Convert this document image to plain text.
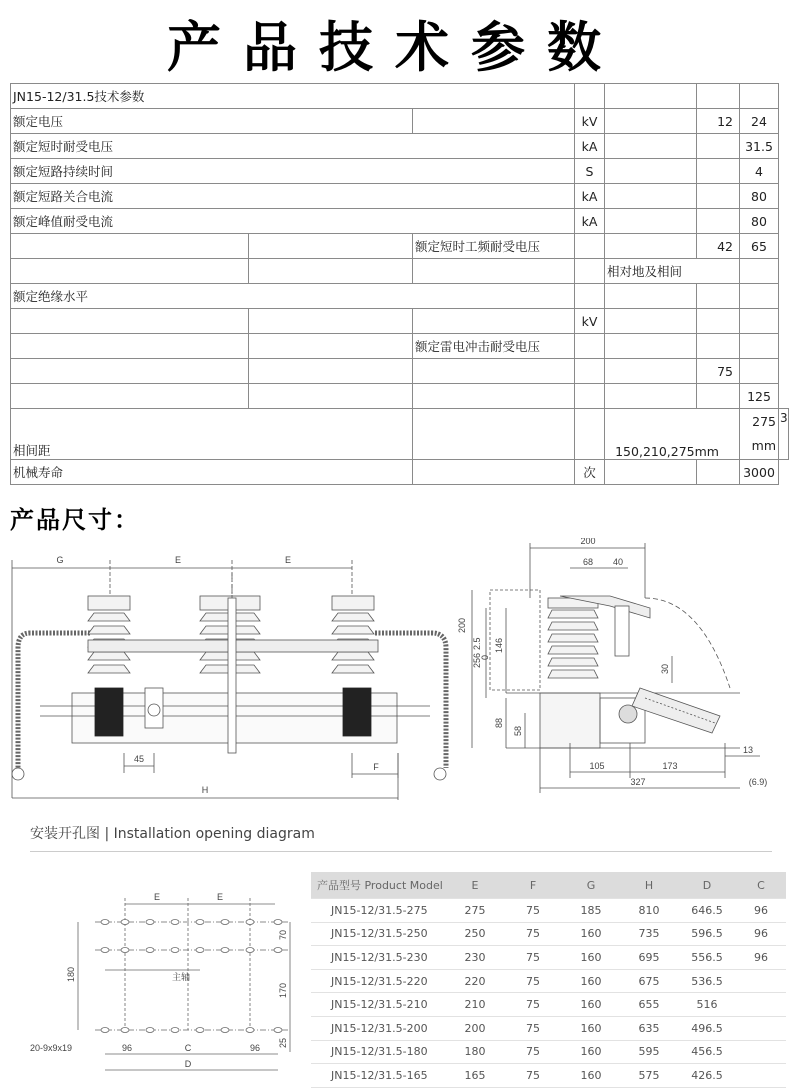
产品技术参数
JN15-12/31.5技术参数							
额定电压			kV		12	24	
额定短时耐受电压			kA			31.5	
额定短路持续时间			S			4	
额定短路关合电流			kA			80	
额定峰值耐受电流			kA			80	
		额定短时工频耐受电压			42	65	
				相对地及相间			
额定绝缘水平							
			kV				
		额定雷电冲击耐受电压					
					75		
						125	
相间距				150,210,275mm		275mm	3
机械寿命			次			3000	
产品尺寸：
G	E	E
45
F
H
200
68 40
200
256
2.5
0
146
88
58
30
105	173
327
13
(6.9)
安装开孔图 | Installation opening diagram
E	E
主轴
70
170
180
25
20-9x9x19	96	C	96
D
产品型号 Product Model	E	F	G	H	D	C
JN15-12/31.5-275	275	75	185	810	646.5	96
JN15-12/31.5-250	250	75	160	735	596.5	96
JN15-12/31.5-230	230	75	160	695	556.5	96
JN15-12/31.5-220	220	75	160	675	536.5	
JN15-12/31.5-210	210	75	160	655	516	
JN15-12/31.5-200	200	75	160	635	496.5	
JN15-12/31.5-180	180	75	160	595	456.5	
JN15-12/31.5-165	165	75	160	575	426.5	
